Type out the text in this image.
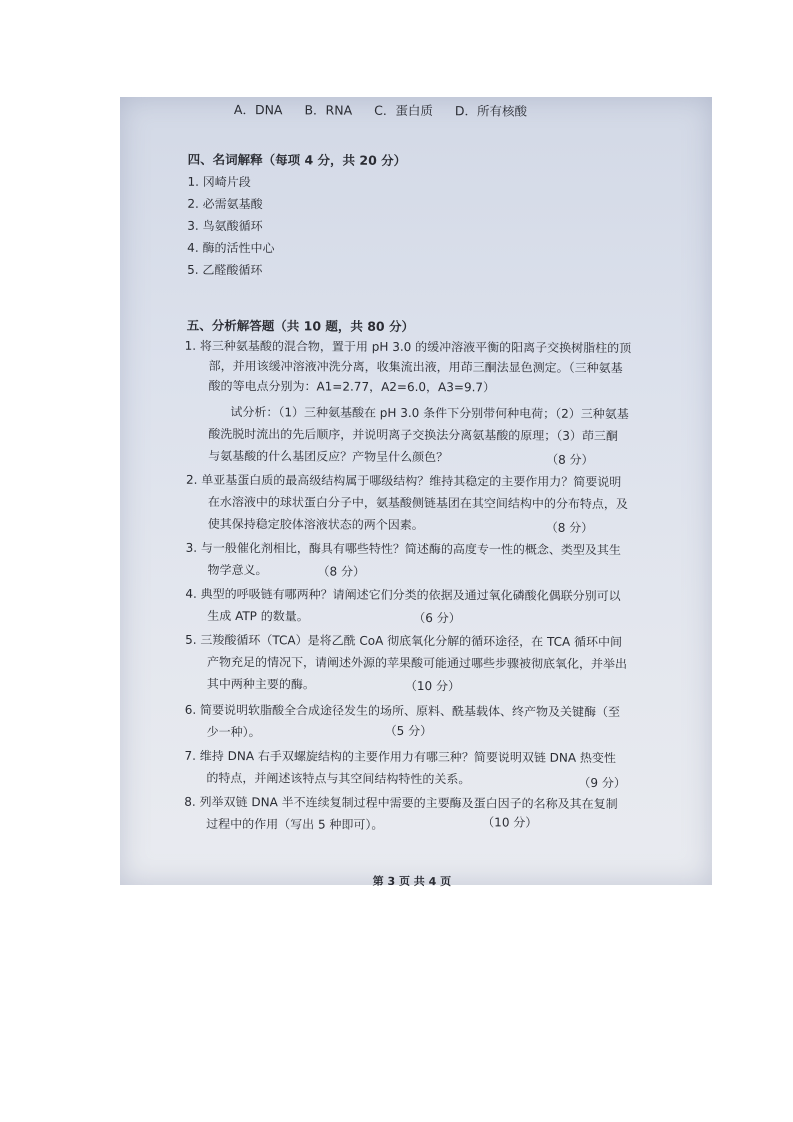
A．DNA B．RNA C．蛋白质 D．所有核酸
四、名词解释（每项 4 分，共 20 分）
1. 冈崎片段
2. 必需氨基酸
3. 鸟氨酸循环
4. 酶的活性中心
5. 乙醛酸循环
五、分析解答题（共 10 题，共 80 分）
1. 将三种氨基酸的混合物，置于用 pH 3.0 的缓冲溶液平衡的阳离子交换树脂柱的顶
部，并用该缓冲溶液冲洗分离，收集流出液，用茚三酮法显色测定。（三种氨基
酸的等电点分别为：A1=2.77，A2=6.0，A3=9.7）
试分析：（1）三种氨基酸在 pH 3.0 条件下分别带何种电荷；（2）三种氨基
酸洗脱时流出的先后顺序，并说明离子交换法分离氨基酸的原理；（3）茚三酮
与氨基酸的什么基团反应？产物呈什么颜色？	（8 分）
2. 单亚基蛋白质的最高级结构属于哪级结构？维持其稳定的主要作用力？简要说明
在水溶液中的球状蛋白分子中，氨基酸侧链基团在其空间结构中的分布特点，及
使其保持稳定胶体溶液状态的两个因素。	（8 分）
3. 与一般催化剂相比，酶具有哪些特性？简述酶的高度专一性的概念、类型及其生
物学意义。	（8 分）
4. 典型的呼吸链有哪两种？请阐述它们分类的依据及通过氧化磷酸化偶联分别可以
生成 ATP 的数量。	（6 分）
5. 三羧酸循环（TCA）是将乙酰 CoA 彻底氧化分解的循环途径，在 TCA 循环中间
产物充足的情况下，请阐述外源的苹果酸可能通过哪些步骤被彻底氧化，并举出
其中两种主要的酶。	（10 分）
6. 简要说明软脂酸全合成途径发生的场所、原料、酰基载体、终产物及关键酶（至
少一种）。	（5 分）
7. 维持 DNA 右手双螺旋结构的主要作用力有哪三种？简要说明双链 DNA 热变性
的特点，并阐述该特点与其空间结构特性的关系。	（9 分）
8. 列举双链 DNA 半不连续复制过程中需要的主要酶及蛋白因子的名称及其在复制
过程中的作用（写出 5 种即可）。	（10 分）
第 3 页 共 4 页
